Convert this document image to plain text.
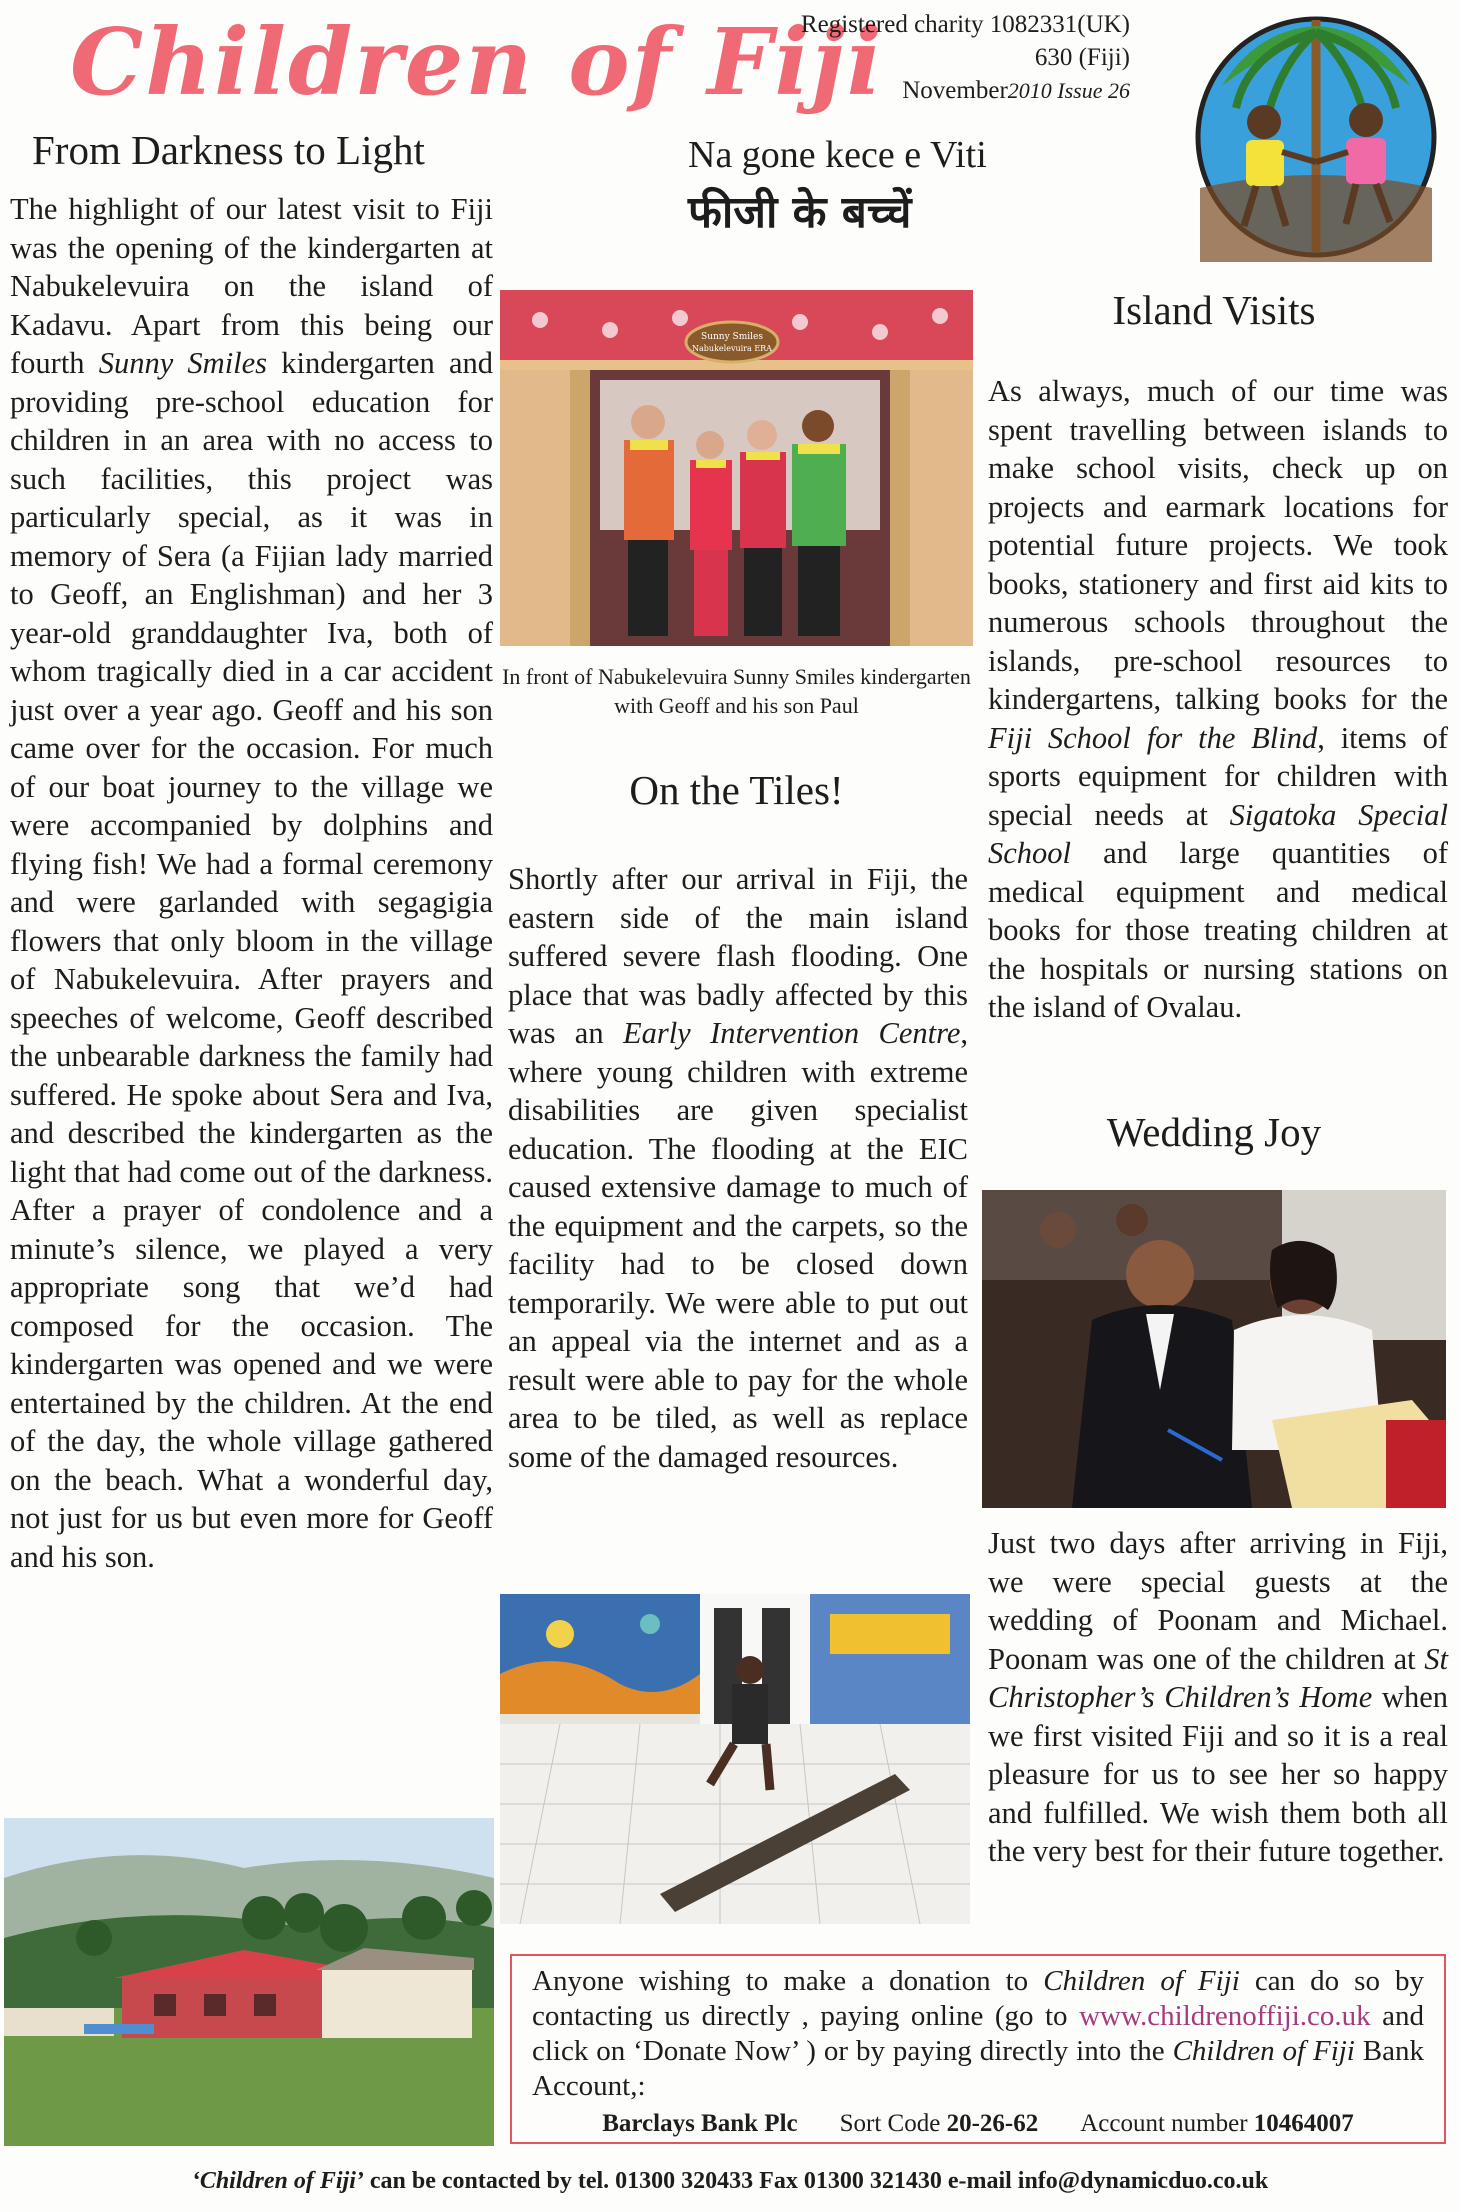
Children of Fiji
Registered charity 1082331(UK)
630 (Fiji)
November2010 Issue 26
Na gone kece e Viti
फीजी के बच्चें
From Darkness to Light

The highlight of our latest visit to Fiji was the opening of the kindergarten at Nabukelevuira on the island of Kadavu. Apart from this being our fourth Sunny Smiles kindergarten and providing pre-school education for children in an area with no access to such facilities, this project was particularly special, as it was in memory of Sera (a Fijian lady married to Geoff, an Englishman) and her 3 year-old granddaughter Iva, both of whom tragically died in a car accident just over a year ago. Geoff and his son came over for the occasion. For much of our boat journey to the village we were accompanied by dolphins and flying fish! We had a formal ceremony and were garlanded with segagigia flowers that only bloom in the village of Nabukelevuira. After prayers and speeches of welcome, Geoff described the unbearable darkness the family had suffered. He spoke about Sera and Iva, and described the kindergarten as the light that had come out of the darkness. After a prayer of condolence and a minute’s silence, we played a very appropriate song that we’d had composed for the occasion. The kindergarten was opened and we were entertained by the children. At the end of the day, the whole village gathered on the beach. What a wonderful day, not just for us but even more for Geoff and his son.

Sunny Smiles
Nabukelevuira ERA
In front of Nabukelevuira Sunny Smiles kindergarten with Geoff and his son Paul
On the Tiles!

Shortly after our arrival in Fiji, the eastern side of the main island suffered severe flash flooding. One place that was badly affected by this was an Early Intervention Centre, where young children with extreme disabilities are given specialist education. The flooding at the EIC caused extensive damage to much of the equipment and the carpets, so the facility had to be closed down temporarily. We were able to put out an appeal via the internet and as a result were able to pay for the whole area to be tiled, as well as replace some of the damaged resources.

Island Visits

As always, much of our time was spent travelling between islands to make school visits, check up on projects and earmark locations for potential future projects. We took books, stationery and first aid kits to numerous schools throughout the islands, pre-school resources to kindergartens, talking books for the Fiji School for the Blind, items of sports equipment for children with special needs at Sigatoka Special School and large quantities of medical equipment and medical books for those treating children at the hospitals or nursing stations on the island of Ovalau.

Wedding Joy

Just two days after arriving in Fiji, we were special guests at the wedding of Poonam and Michael. Poonam was one of the children at St Christopher’s Children’s Home when we first visited Fiji and so it is a real pleasure for us to see her so happy and fulfilled. We wish them both all the very best for their future together.

Anyone wishing to make a donation to Children of Fiji can do so by contacting us directly , paying online (go to www.childrenoffiji.co.uk and click on ‘Donate Now’ ) or by paying directly into the Children of Fiji Bank Account,:
Barclays Bank Plc Sort Code 20-26-62 Account number 10464007
‘Children of Fiji’ can be contacted by tel. 01300 320433 Fax 01300 321430 e-mail info@dynamicduo.co.uk
